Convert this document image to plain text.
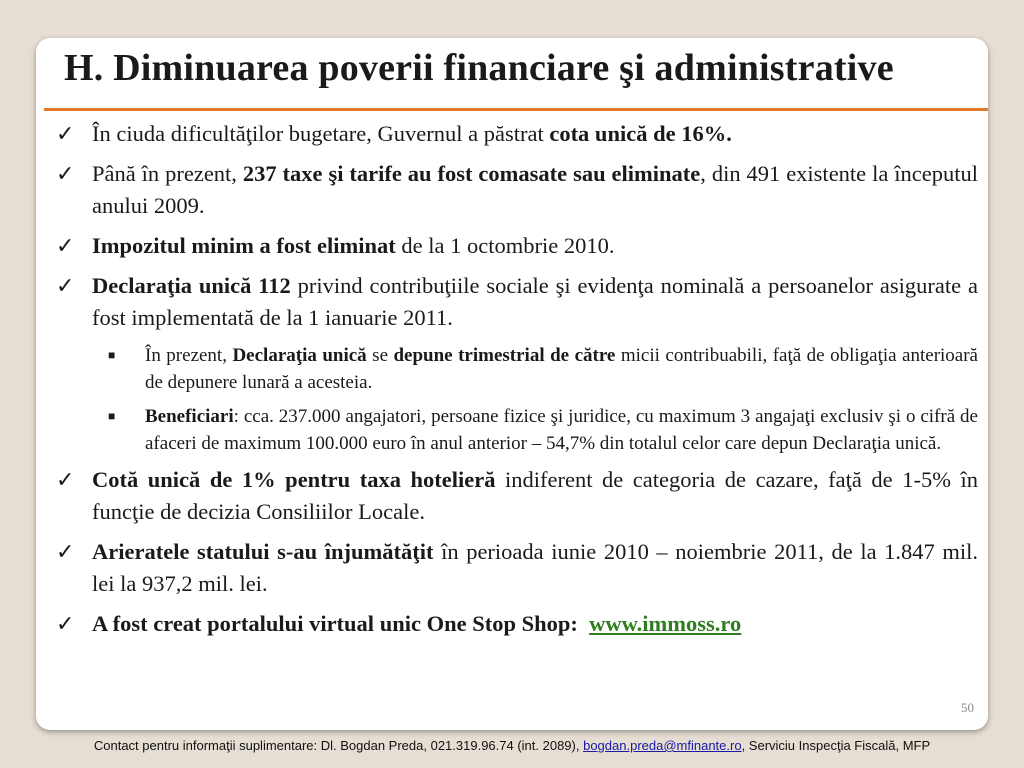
H. Diminuarea poverii financiare şi administrative
✓ În ciuda dificultăţilor bugetare, Guvernul a păstrat cota unică de 16%.
✓ Până în prezent, 237 taxe şi tarife au fost comasate sau eliminate, din 491 existente la începutul anului 2009.
✓ Impozitul minim a fost eliminat de la 1 octombrie 2010.
✓ Declaraţia unică 112 privind contribuţiile sociale şi evidenţa nominală a persoanelor asigurate a fost implementată de la 1 ianuarie 2011.
■ În prezent, Declaraţia unică se depune trimestrial de către micii contribuabili, faţă de obligaţia anterioară de depunere lunară a acesteia.
■ Beneficiari: cca. 237.000 angajatori, persoane fizice şi juridice, cu maximum 3 angajaţi exclusiv şi o cifră de afaceri de maximum 100.000 euro în anul anterior – 54,7% din totalul celor care depun Declaraţia unică.
✓ Cotă unică de 1% pentru taxa hotelieră indiferent de categoria de cazare, faţă de 1-5% în funcţie de decizia Consiliilor Locale.
✓ Arieratele statului s-au înjumătăţit în perioada iunie 2010 – noiembrie 2011, de la 1.847 mil. lei la 937,2 mil. lei.
✓ A fost creat portalului virtual unic One Stop Shop:  www.immoss.ro
50
Contact pentru informaţii suplimentare: Dl. Bogdan Preda, 021.319.96.74 (int. 2089), bogdan.preda@mfinante.ro, Serviciu Inspecţia Fiscală, MFP
